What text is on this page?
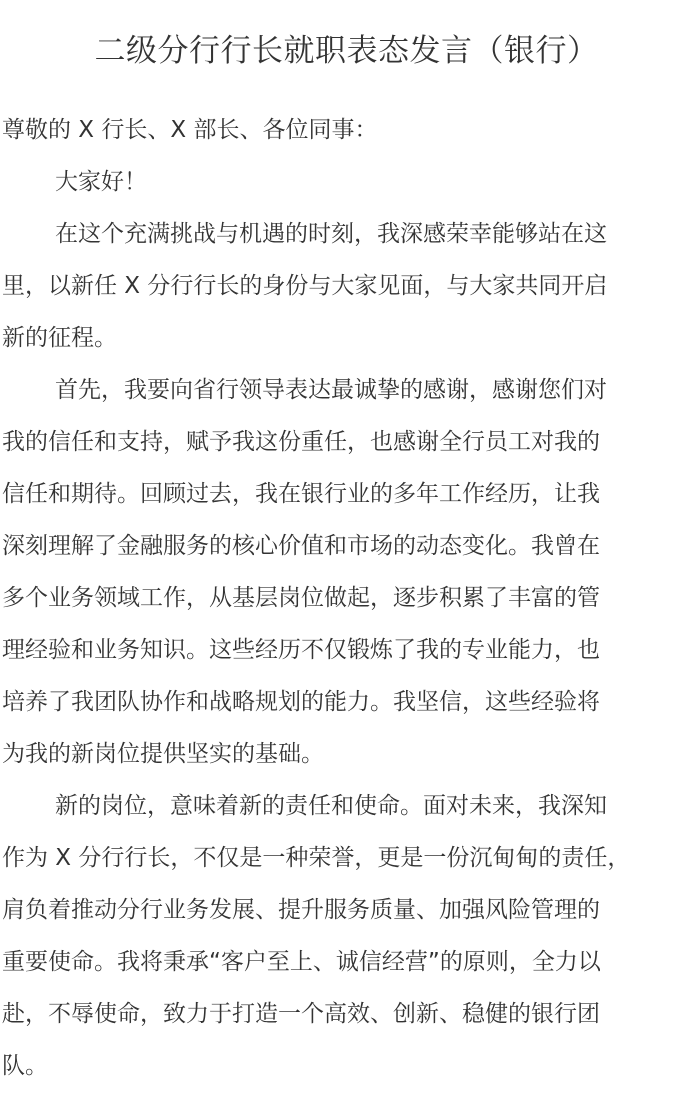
二级分行行长就职表态发言（银行）

尊敬的 X 行长、X 部长、各位同事：

大家好！

在这个充满挑战与机遇的时刻，我深感荣幸能够站在这

里，以新任 X 分行行长的身份与大家见面，与大家共同开启

新的征程。

首先，我要向省行领导表达最诚挚的感谢，感谢您们对

我的信任和支持，赋予我这份重任，也感谢全行员工对我的

信任和期待。回顾过去，我在银行业的多年工作经历，让我

深刻理解了金融服务的核心价值和市场的动态变化。我曾在

多个业务领域工作，从基层岗位做起，逐步积累了丰富的管

理经验和业务知识。这些经历不仅锻炼了我的专业能力，也

培养了我团队协作和战略规划的能力。我坚信，这些经验将

为我的新岗位提供坚实的基础。

新的岗位，意味着新的责任和使命。面对未来，我深知

作为 X 分行行长，不仅是一种荣誉，更是一份沉甸甸的责任，

肩负着推动分行业务发展、提升服务质量、加强风险管理的

重要使命。我将秉承“客户至上、诚信经营”的原则，全力以

赴，不辱使命，致力于打造一个高效、创新、稳健的银行团

队。
